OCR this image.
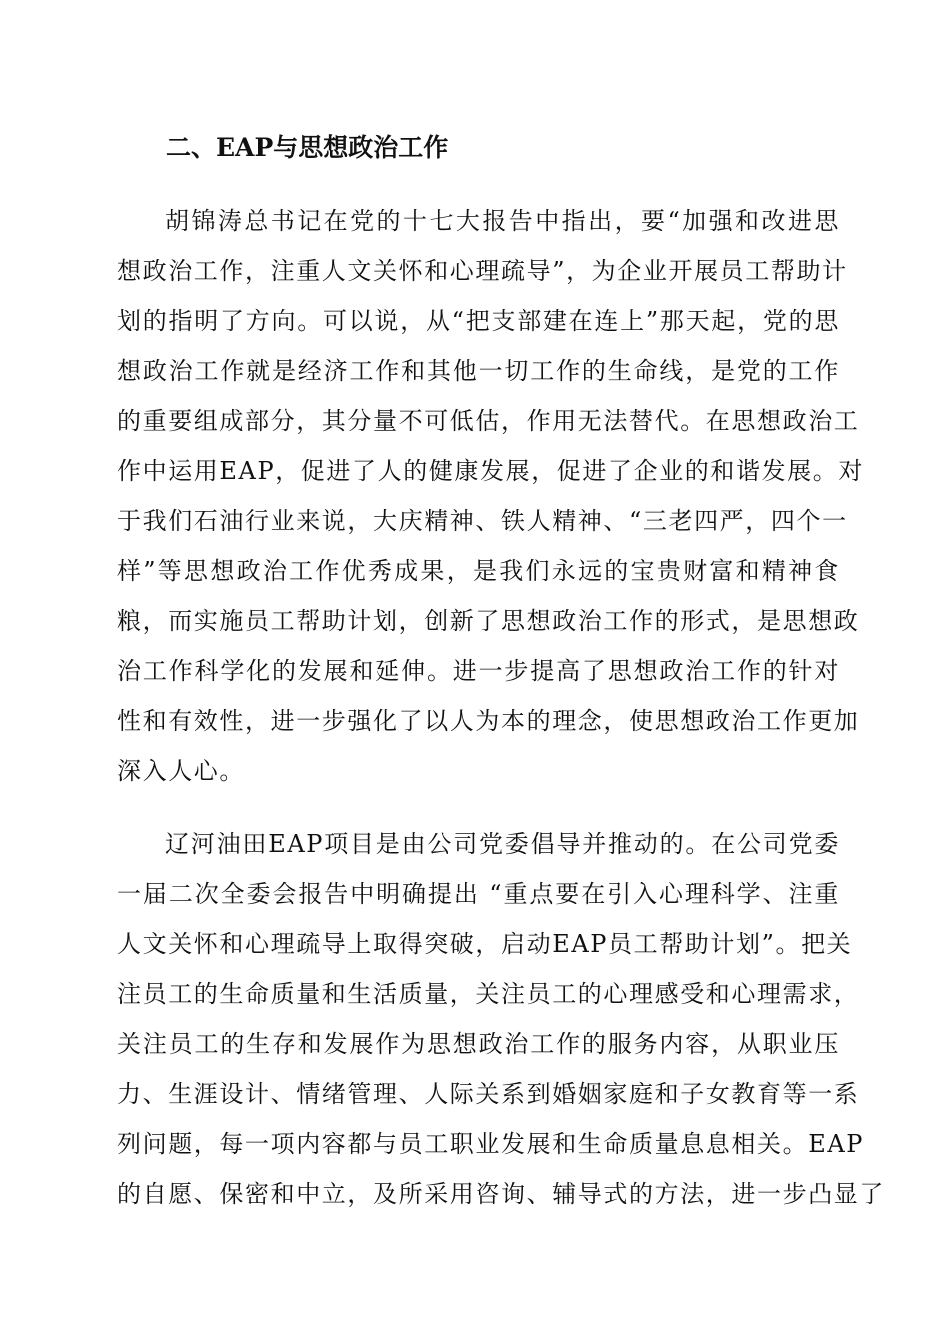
二、EAP与思想政治工作
胡锦涛总书记在党的十七大报告中指出，要“加强和改进思
想政治工作，注重人文关怀和心理疏导”，为企业开展员工帮助计
划的指明了方向。可以说，从“把支部建在连上”那天起，党的思
想政治工作就是经济工作和其他一切工作的生命线，是党的工作
的重要组成部分，其分量不可低估，作用无法替代。在思想政治工
作中运用EAP，促进了人的健康发展，促进了企业的和谐发展。对
于我们石油行业来说，大庆精神、铁人精神、“三老四严，四个一
样”等思想政治工作优秀成果，是我们永远的宝贵财富和精神食
粮，而实施员工帮助计划，创新了思想政治工作的形式，是思想政
治工作科学化的发展和延伸。进一步提高了思想政治工作的针对
性和有效性，进一步强化了以人为本的理念，使思想政治工作更加
深入人心。
辽河油田EAP项目是由公司党委倡导并推动的。在公司党委
一届二次全委会报告中明确提出 “重点要在引入心理科学、注重
人文关怀和心理疏导上取得突破，启动EAP员工帮助计划”。把关
注员工的生命质量和生活质量，关注员工的心理感受和心理需求，
关注员工的生存和发展作为思想政治工作的服务内容，从职业压
力、生涯设计、情绪管理、人际关系到婚姻家庭和子女教育等一系
列问题，每一项内容都与员工职业发展和生命质量息息相关。EAP
的自愿、保密和中立，及所采用咨询、辅导式的方法，进一步凸显了
